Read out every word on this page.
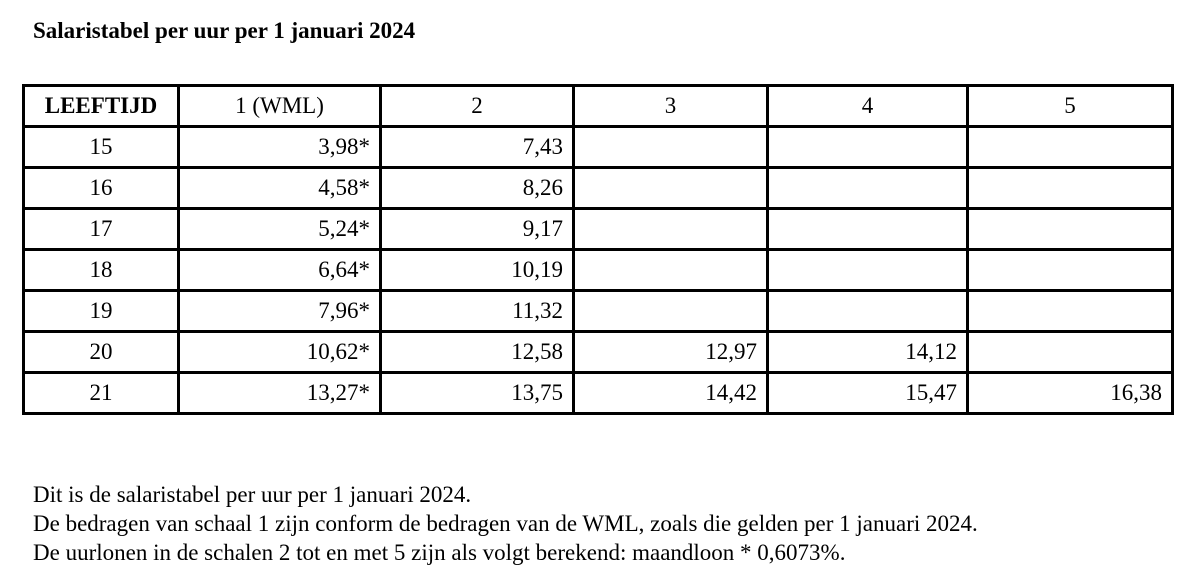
Salaristabel per uur per 1 januari 2024
LEEFTIJD	1 (WML)	2	3	4	5
15	3,98*	7,43			
16	4,58*	8,26			
17	5,24*	9,17			
18	6,64*	10,19			
19	7,96*	11,32			
20	10,62*	12,58	12,97	14,12	
21	13,27*	13,75	14,42	15,47	16,38

Dit is de salaristabel per uur per 1 januari 2024.

De bedragen van schaal 1 zijn conform de bedragen van de WML, zoals die gelden per 1 januari 2024.

De uurlonen in de schalen 2 tot en met 5 zijn als volgt berekend: maandloon * 0,6073%.
